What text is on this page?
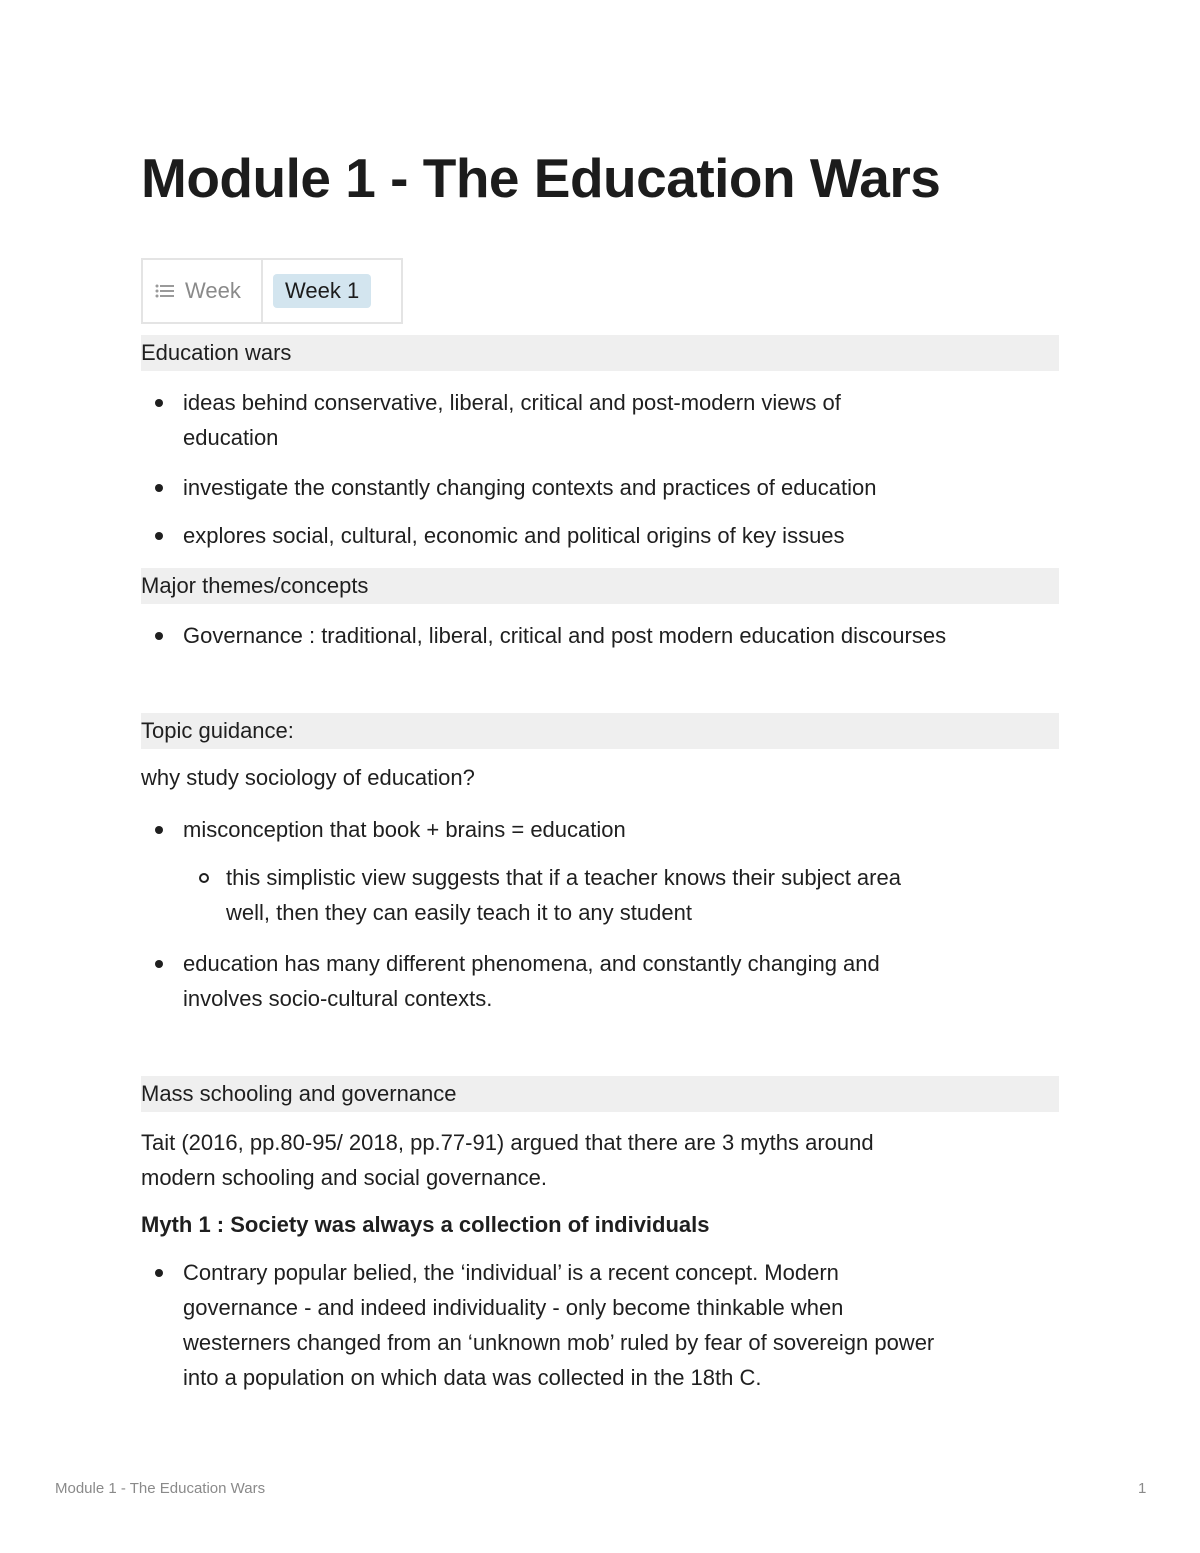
Module 1 - The Education Wars
Week	Week 1
Education wars
ideas behind conservative, liberal, critical and post-modern views of
education
investigate the constantly changing contexts and practices of education
explores social, cultural, economic and political origins of key issues
Major themes/concepts
Governance : traditional, liberal, critical and post modern education discourses
Topic guidance:
why study sociology of education?
misconception that book + brains = education
this simplistic view suggests that if a teacher knows their subject area
well, then they can easily teach it to any student
education has many different phenomena, and constantly changing and
involves socio-cultural contexts.
Mass schooling and governance
Tait (2016, pp.80-95/ 2018, pp.77-91) argued that there are 3 myths around
modern schooling and social governance.
Myth 1 : Society was always a collection of individuals
Contrary popular belied, the ‘individual’ is a recent concept. Modern
governance - and indeed individuality - only become thinkable when
westerners changed from an ‘unknown mob’ ruled by fear of sovereign power
into a population on which data was collected in the 18th C.
Module 1 - The Education Wars	1
